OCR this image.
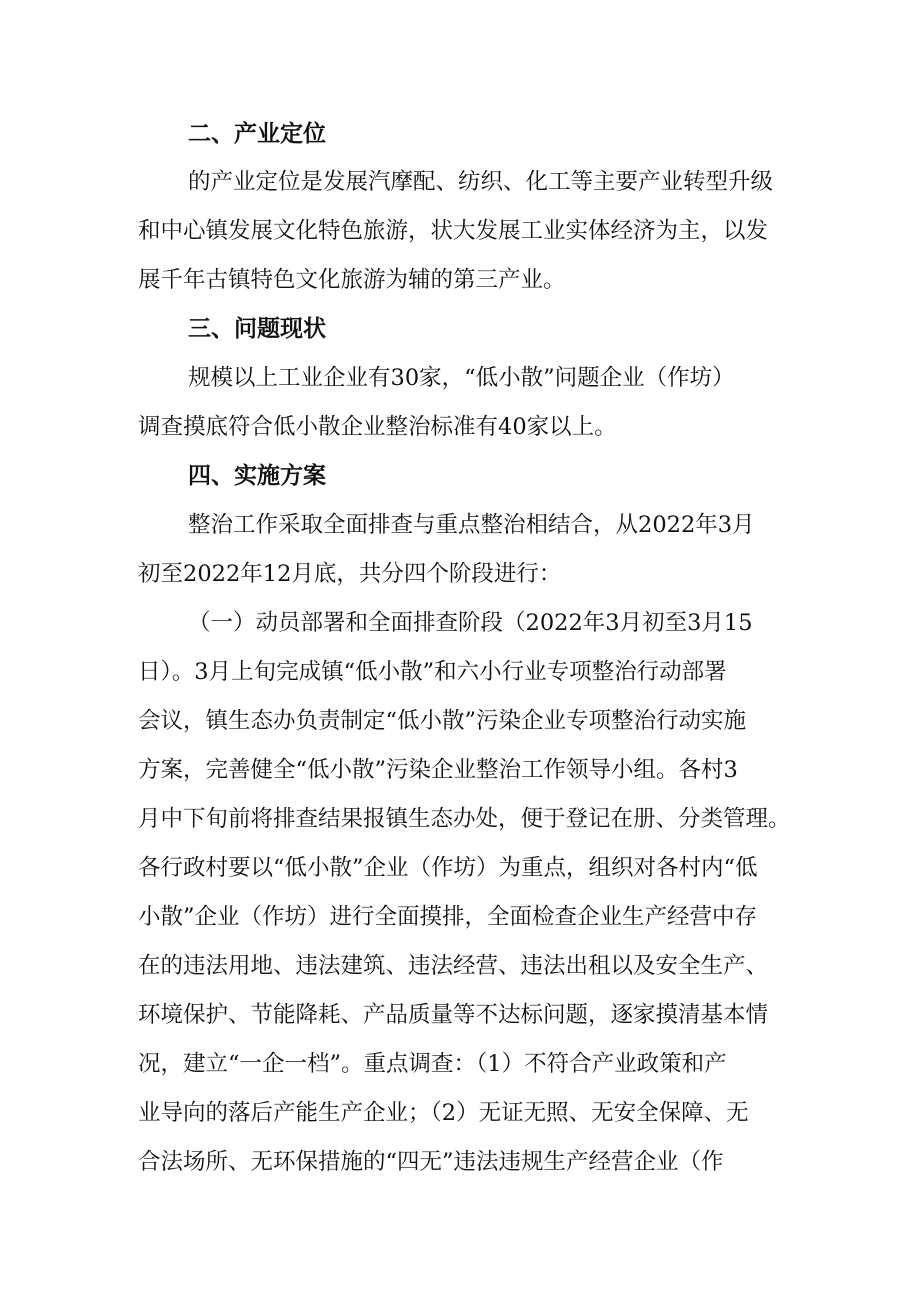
二、产业定位
的产业定位是发展汽摩配、纺织、化工等主要产业转型升级
和中心镇发展文化特色旅游，状大发展工业实体经济为主，以发
展千年古镇特色文化旅游为辅的第三产业。
三、问题现状
规模以上工业企业有30家，“低小散”问题企业（作坊）
调查摸底符合低小散企业整治标准有40家以上。
四、实施方案
整治工作采取全面排查与重点整治相结合，从2022年3月
初至2022年12月底，共分四个阶段进行：
（一）动员部署和全面排查阶段（2022年3月初至3月15
日）。3月上旬完成镇“低小散”和六小行业专项整治行动部署
会议，镇生态办负责制定“低小散”污染企业专项整治行动实施
方案，完善健全“低小散”污染企业整治工作领导小组。各村3
月中下旬前将排查结果报镇生态办处，便于登记在册、分类管理。
各行政村要以“低小散”企业（作坊）为重点，组织对各村内“低
小散”企业（作坊）进行全面摸排，全面检查企业生产经营中存
在的违法用地、违法建筑、违法经营、违法出租以及安全生产、
环境保护、节能降耗、产品质量等不达标问题，逐家摸清基本情
况，建立“一企一档”。重点调查：（1）不符合产业政策和产
业导向的落后产能生产企业；（2）无证无照、无安全保障、无
合法场所、无环保措施的“四无”违法违规生产经营企业（作
